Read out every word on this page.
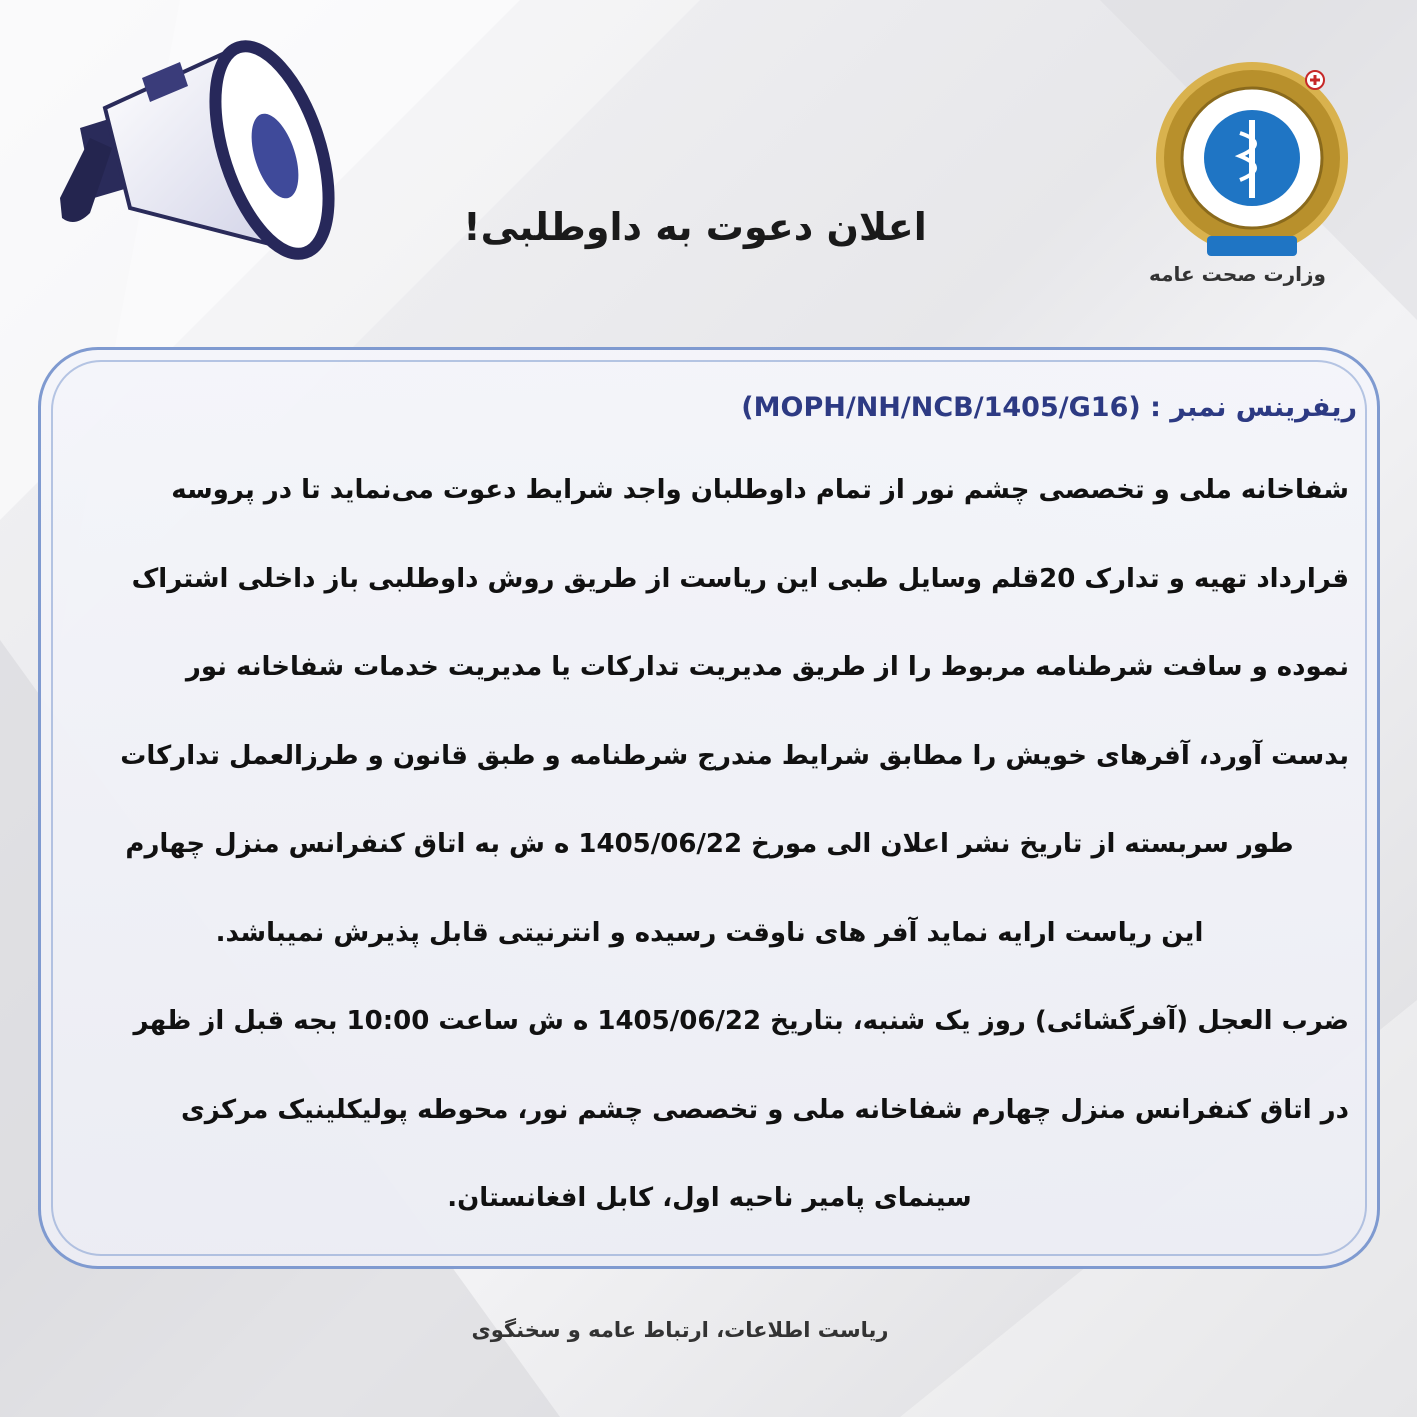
وزارت صحت عامه
اعلان دعوت به داوطلبی!
ریفرینس نمبر : (MOPH/NH/NCB/1405/G16)
شفاخانه ملی و تخصصی چشم نور از تمام داوطلبان واجد شرایط دعوت می‌نماید تا در پروسه
قرارداد تهیه و تدارک 20قلم وسایل طبی این ریاست از طریق روش داوطلبی باز داخلی اشتراک
نموده و سافت شرطنامه مربوط را از طریق مدیریت تدارکات یا مدیریت خدمات شفاخانه نور
بدست آورد، آفرهای خویش را مطابق شرایط مندرج شرطنامه و طبق قانون و طرزالعمل تدارکات
طور سربسته از تاریخ نشر اعلان الی مورخ 1405/06/22 ه ش به اتاق کنفرانس منزل چهارم
این ریاست ارایه نماید آفر های ناوقت رسیده و انترنیتی قابل پذیرش نمیباشد.
ضرب العجل (آفرگشائی) روز یک شنبه، بتاریخ 1405/06/22 ه ش ساعت 10:00 بجه قبل از ظهر
در اتاق کنفرانس منزل چهارم شفاخانه ملی و تخصصی چشم نور، محوطه پولیکلینیک مرکزی
سینمای پامیر ناحیه اول، کابل افغانستان.
ریاست اطلاعات، ارتباط عامه و سخنگوی
